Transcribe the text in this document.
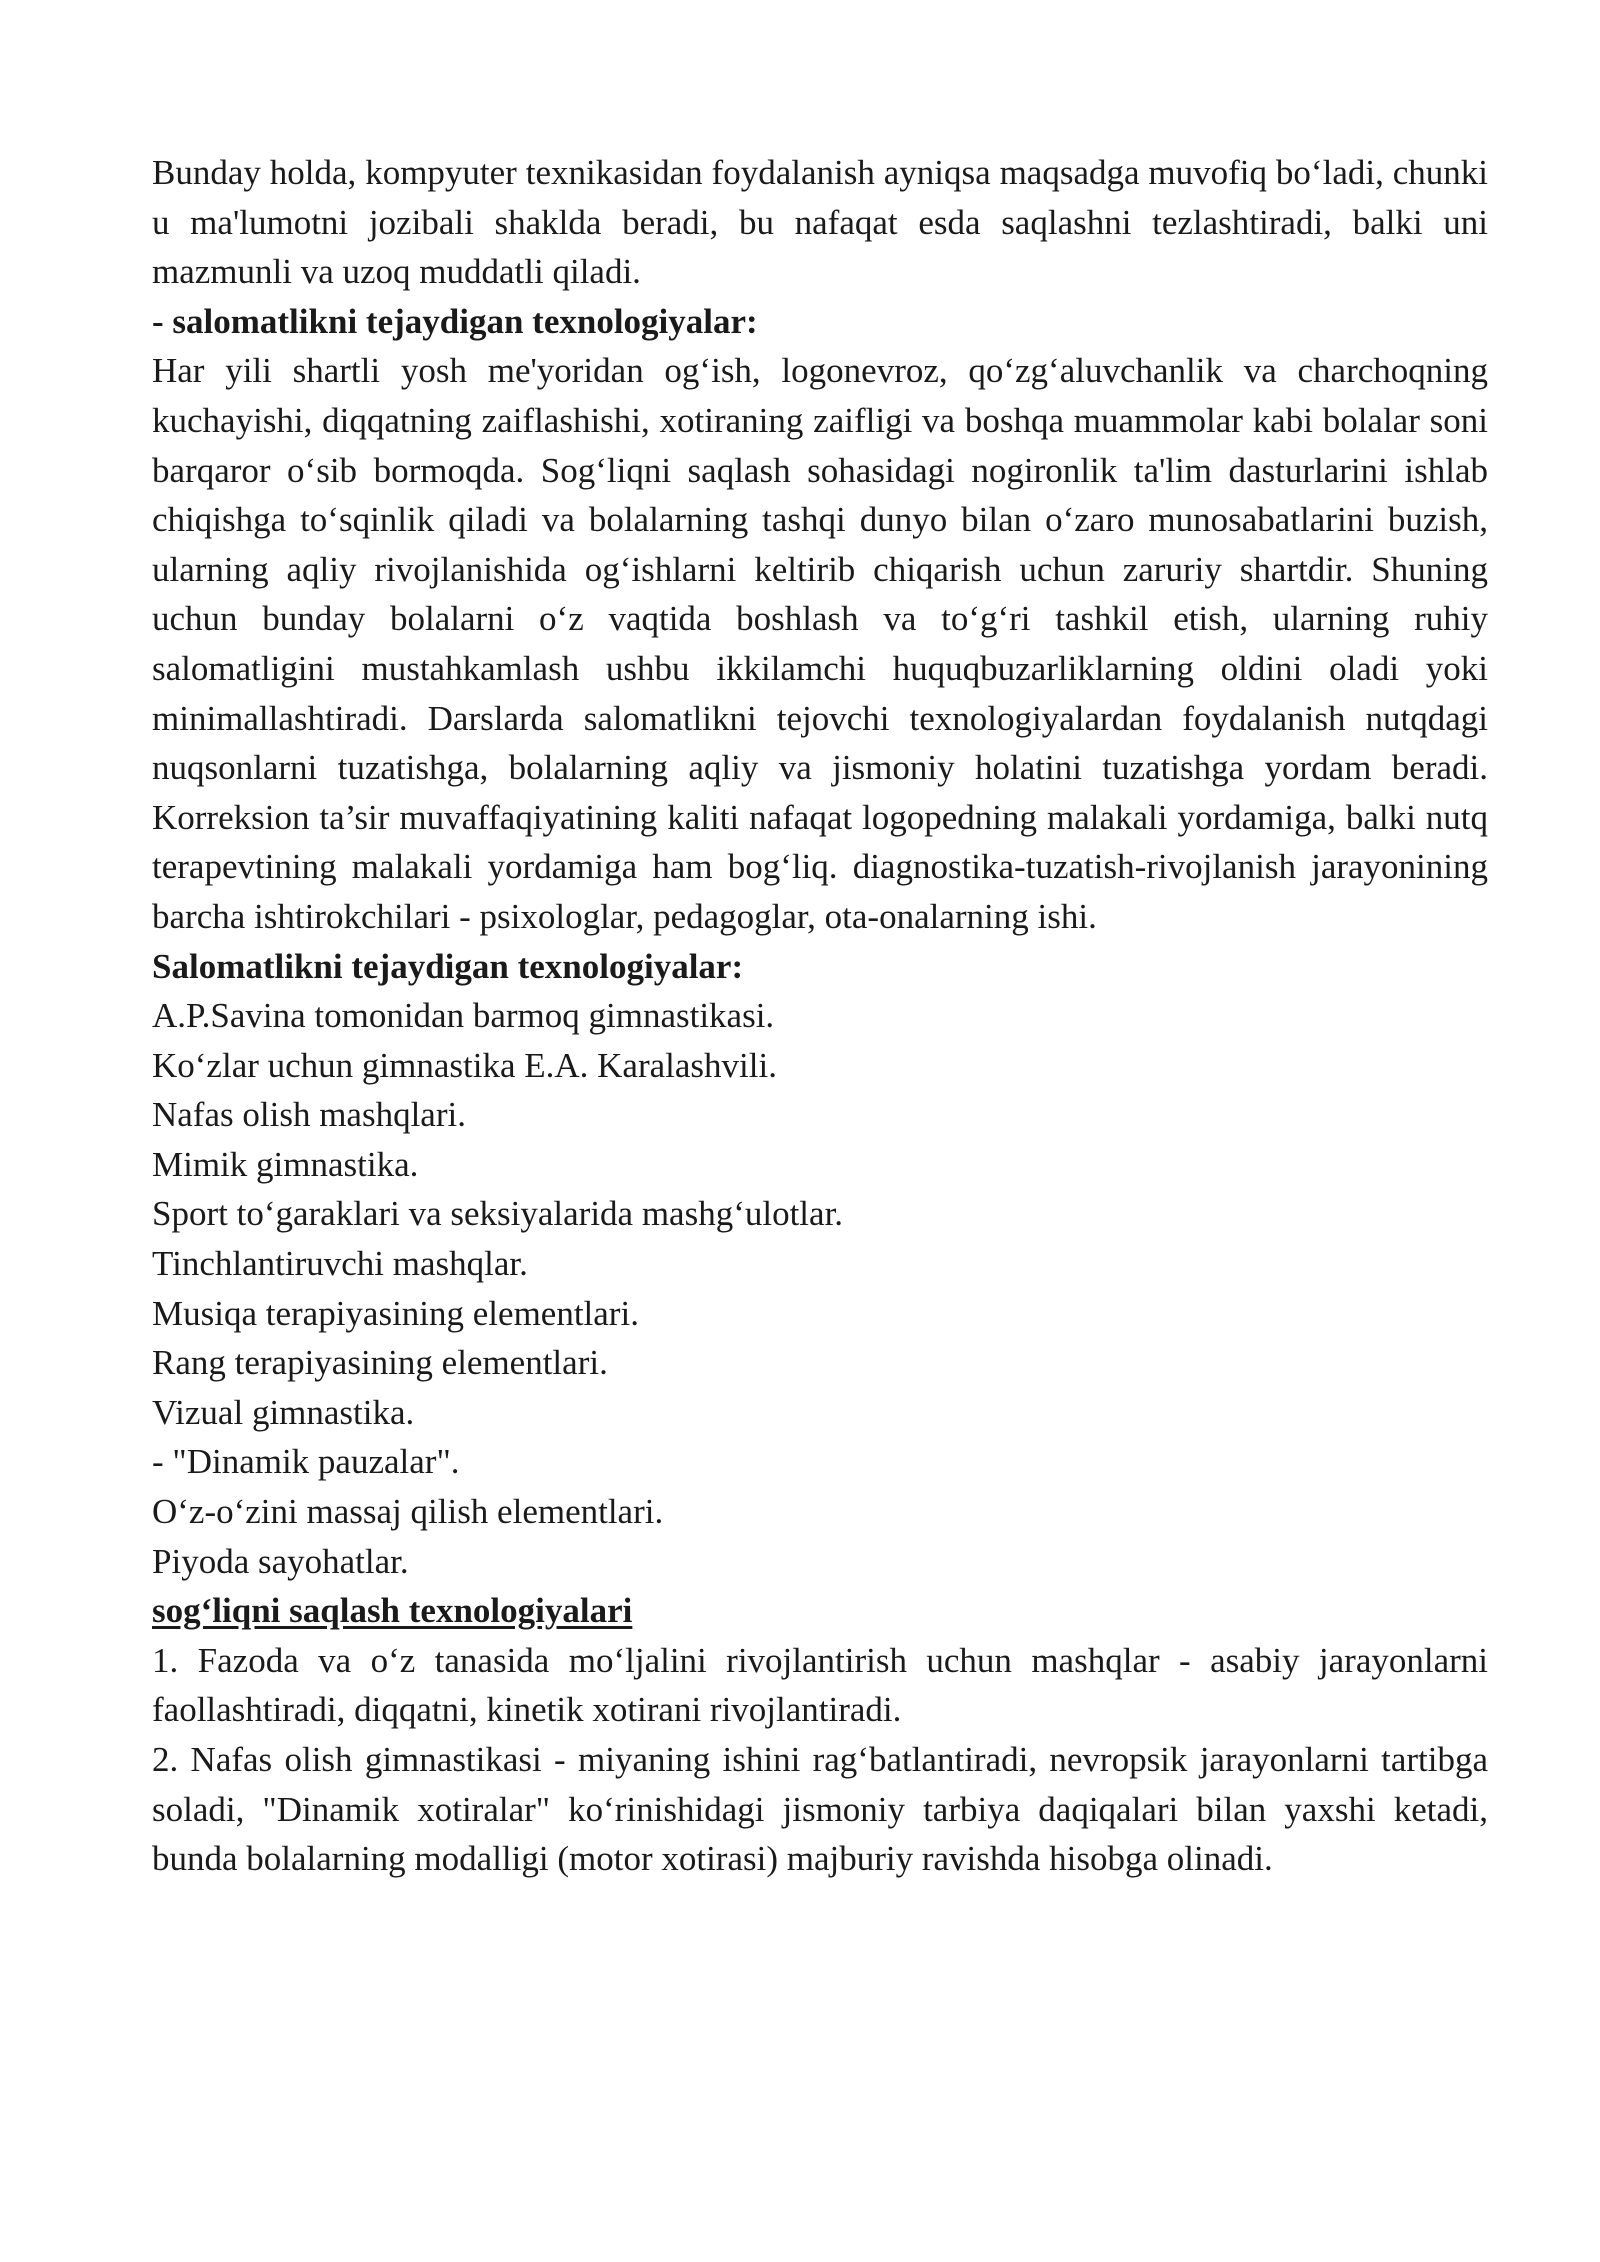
Bunday holda, kompyuter texnikasidan foydalanish ayniqsa maqsadga muvofiq bo‘ladi, chunki u ma'lumotni jozibali shaklda beradi, bu nafaqat esda saqlashni tezlashtiradi, balki uni mazmunli va uzoq muddatli qiladi.

- salomatlikni tejaydigan texnologiyalar:

Har yili shartli yosh me'yoridan og‘ish, logonevroz, qo‘zg‘aluvchanlik va charchoqning kuchayishi, diqqatning zaiflashishi, xotiraning zaifligi va boshqa muammolar kabi bolalar soni barqaror o‘sib bormoqda. Sog‘liqni saqlash sohasidagi nogironlik ta'lim dasturlarini ishlab chiqishga to‘sqinlik qiladi va bolalarning tashqi dunyo bilan o‘zaro munosabatlarini buzish, ularning aqliy rivojlanishida og‘ishlarni keltirib chiqarish uchun zaruriy shartdir. Shuning uchun bunday bolalarni o‘z vaqtida boshlash va to‘g‘ri tashkil etish, ularning ruhiy salomatligini mustahkamlash ushbu ikkilamchi huquqbuzarliklarning oldini oladi yoki minimallashtiradi. Darslarda salomatlikni tejovchi texnologiyalardan foydalanish nutqdagi nuqsonlarni tuzatishga, bolalarning aqliy va jismoniy holatini tuzatishga yordam beradi. Korreksion ta’sir muvaffaqiyatining kaliti nafaqat logopedning malakali yordamiga, balki nutq terapevtining malakali yordamiga ham bog‘liq. diagnostika-tuzatish-rivojlanish jarayonining barcha ishtirokchilari - psixologlar, pedagoglar, ota-onalarning ishi.

Salomatlikni tejaydigan texnologiyalar:

A.P.Savina tomonidan barmoq gimnastikasi.

Ko‘zlar uchun gimnastika E.A. Karalashvili.

Nafas olish mashqlari.

Mimik gimnastika.

Sport to‘garaklari va seksiyalarida mashg‘ulotlar.

Tinchlantiruvchi mashqlar.

Musiqa terapiyasining elementlari.

Rang terapiyasining elementlari.

Vizual gimnastika.

- "Dinamik pauzalar".

O‘z-o‘zini massaj qilish elementlari.

Piyoda sayohatlar.

sog‘liqni saqlash texnologiyalari

1. Fazoda va o‘z tanasida mo‘ljalini rivojlantirish uchun mashqlar - asabiy jarayonlarni faollashtiradi, diqqatni, kinetik xotirani rivojlantiradi.

2. Nafas olish gimnastikasi - miyaning ishini rag‘batlantiradi, nevropsik jarayonlarni tartibga soladi, "Dinamik xotiralar" ko‘rinishidagi jismoniy tarbiya daqiqalari bilan yaxshi ketadi, bunda bolalarning modalligi (motor xotirasi) majburiy ravishda hisobga olinadi.
